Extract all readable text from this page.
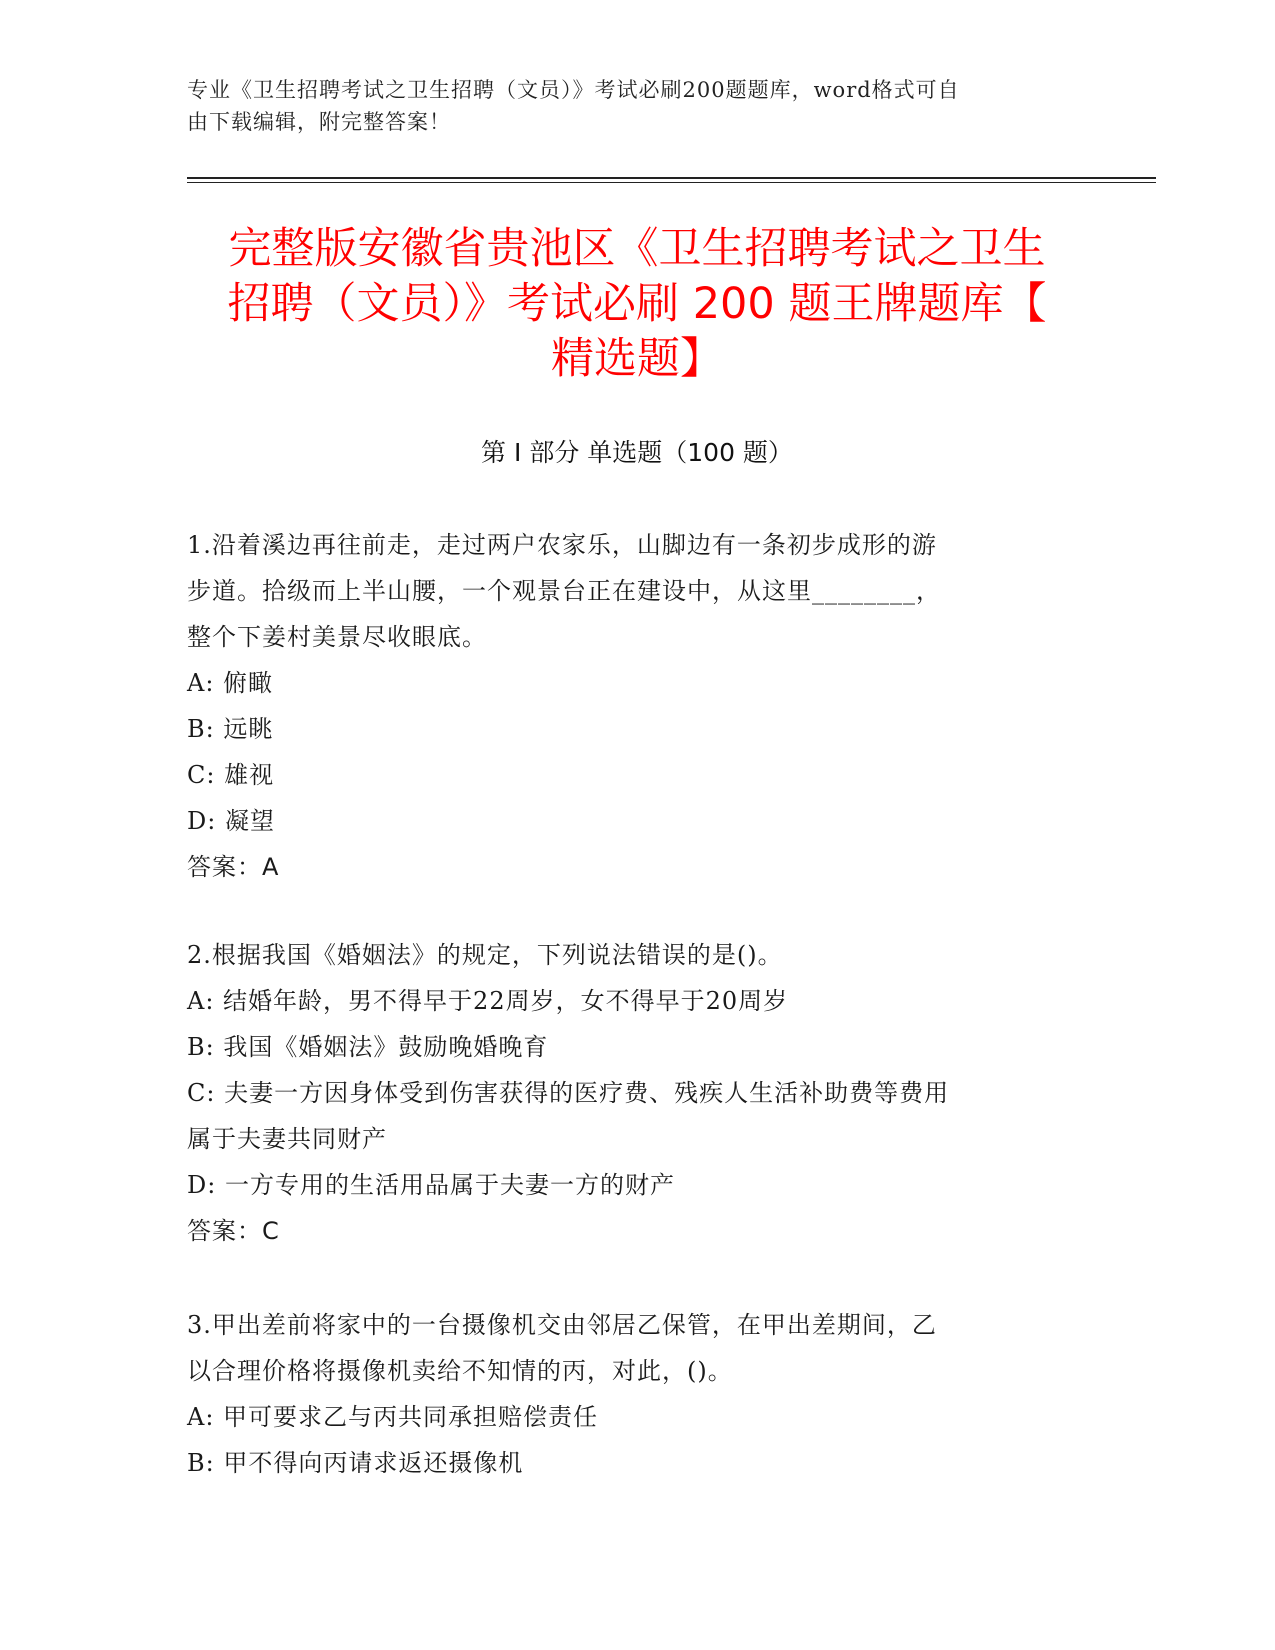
专业《卫生招聘考试之卫生招聘（文员）》考试必刷200题题库，word格式可自
由下载编辑，附完整答案！
完整版安徽省贵池区《卫生招聘考试之卫生
招聘（文员）》考试必刷 200 题王牌题库【
精选题】
第 I 部分 单选题（100 题）

1.沿着溪边再往前走，走过两户农家乐，山脚边有一条初步成形的游

步道。拾级而上半山腰，一个观景台正在建设中，从这里________，

整个下姜村美景尽收眼底。

A: 俯瞰

B: 远眺

C: 雄视

D: 凝望

答案：A

2.根据我国《婚姻法》的规定，下列说法错误的是()。

A: 结婚年龄，男不得早于22周岁，女不得早于20周岁

B: 我国《婚姻法》鼓励晚婚晚育

C: 夫妻一方因身体受到伤害获得的医疗费、残疾人生活补助费等费用

属于夫妻共同财产

D: 一方专用的生活用品属于夫妻一方的财产

答案：C

3.甲出差前将家中的一台摄像机交由邻居乙保管，在甲出差期间，乙

以合理价格将摄像机卖给不知情的丙，对此，()。

A: 甲可要求乙与丙共同承担赔偿责任

B: 甲不得向丙请求返还摄像机
